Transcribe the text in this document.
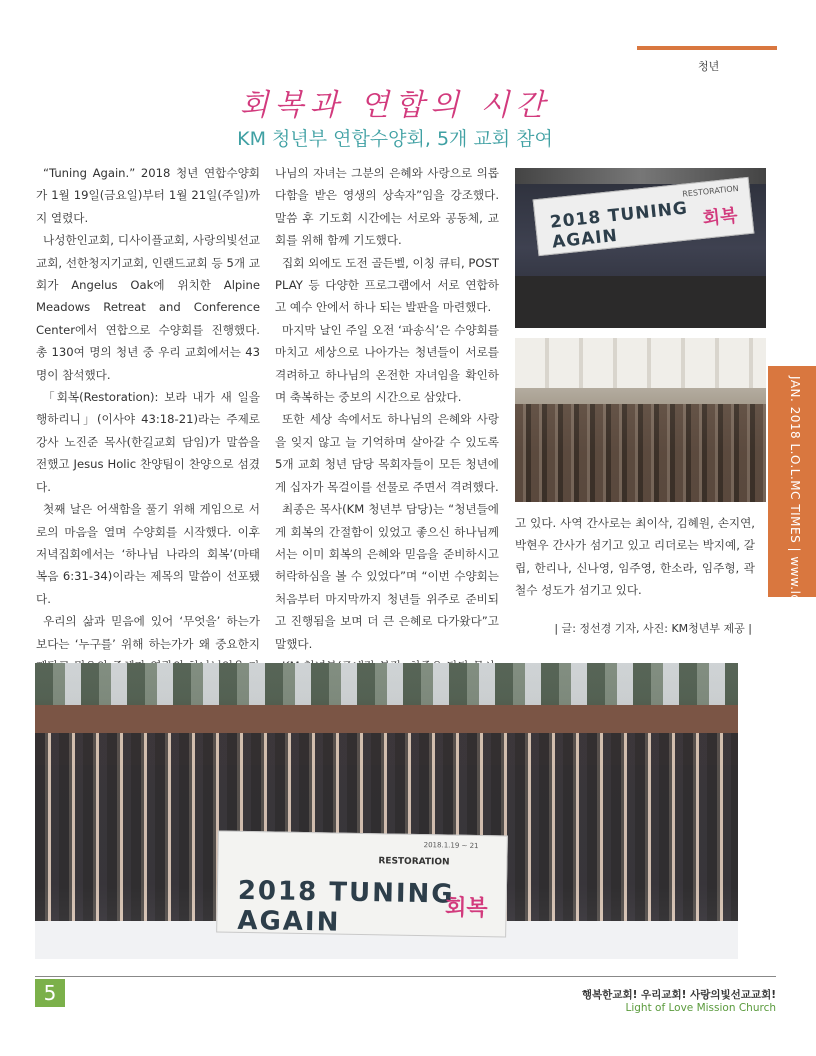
청년
회복과 연합의 시간
KM 청년부 연합수양회, 5개 교회 참여

“Tuning Again.” 2018 청년 연합수양회가 1월 19일(금요일)부터 1월 21일(주일)까지 열렸다.

나성한인교회, 디사이플교회, 사랑의빛선교교회, 선한청지기교회, 인랜드교회 등 5개 교회가 Angelus Oak에 위치한 Alpine Meadows Retreat and Conference Center에서 연합으로 수양회를 진행했다. 총 130여 명의 청년 중 우리 교회에서는 43명이 참석했다.

「회복(Restoration): 보라 내가 새 일을 행하리니」(이사야 43:18-21)라는 주제로 강사 노진준 목사(한길교회 담임)가 말씀을 전했고 Jesus Holic 찬양팀이 찬양으로 섬겼다.

첫째 날은 어색함을 풀기 위해 게임으로 서로의 마음을 열며 수양회를 시작했다. 이후 저녁집회에서는 ‘하나님 나라의 회복’(마태복음 6:31-34)이라는 제목의 말씀이 선포됐다.

우리의 삶과 믿음에 있어 ‘무엇을’ 하는가 보다는 ‘누구를’ 위해 하는가가 왜 중요한지

나님의 자녀는 그분의 은혜와 사랑으로 의롭다함을 받은 영생의 상속자”임을 강조했다. 말씀 후 기도회 시간에는 서로와 공동체, 교회를 위해 함께 기도했다.

집회 외에도 도전 골든벨, 이칭 큐티, POST PLAY 등 다양한 프로그램에서 서로 연합하고 예수 안에서 하나 되는 발판을 마련했다.

마지막 날인 주일 오전 ‘파송식’은 수양회를 마치고 세상으로 나아가는 청년들이 서로를 격려하고 하나님의 온전한 자녀임을 확인하며 축복하는 중보의 시간으로 삼았다.

또한 세상 속에서도 하나님의 은혜와 사랑을 잊지 않고 늘 기억하며 살아갈 수 있도록 5개 교회 청년 담당 목회자들이 모든 청년에게 십자가 목걸이를 선물로 주면서 격려했다.

최종은 목사(KM 청년부 담당)는 “청년들에게 회복의 간절함이 있었고 좋으신 하나님께서는 이미 회복의 은혜와 믿음을 준비하시고 허락하심을 볼 수 있었다”며 “이번 수양회는 처음부터 마지막까지 청년들 위주로 준비되고 진행됨을 보며 더 큰 은혜로 다가왔다”고 말했다.

2018 TUNING AGAIN
RESTORATION
회복

고 있다. 사역 간사로는 최이삭, 김혜원, 손지연, 박현우 간사가 섬기고 있고 리더로는 박지예, 갈립, 한리나, 신나영, 임주영, 한소라, 임주형, 곽철수 성도가 섬기고 있다.

| 글: 정선경 기자, 사진: KM청년부 제공 |
2018.1.19 ~ 21
RESTORATION
2018 TUNING AGAIN	회복
JAN. 2018 L.O.L.MC TIMES | www.lolmc.org
5	행복한교회! 우리교회! 사랑의빛선교교회!
Light of Love Mission Church
